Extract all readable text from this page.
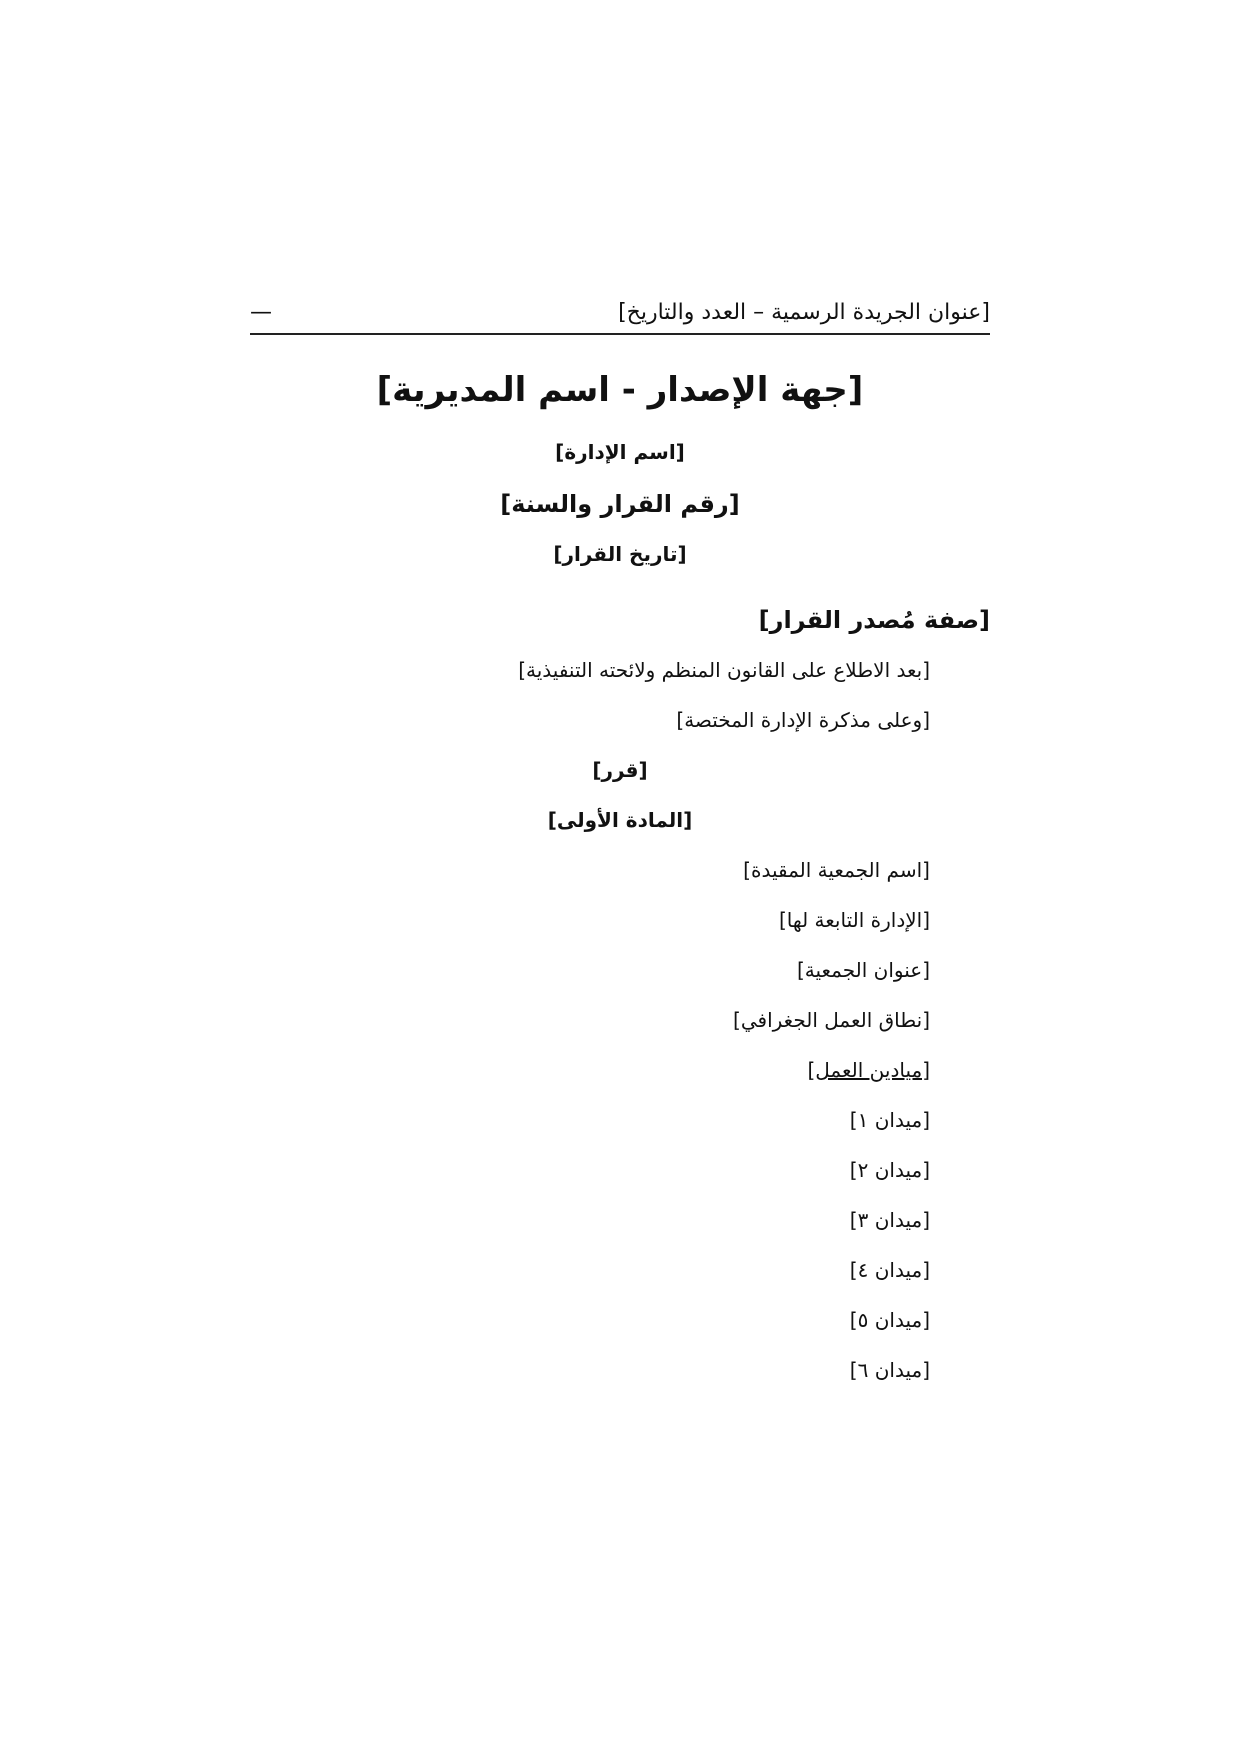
[عنوان الجريدة الرسمية – العدد والتاريخ]
—
[جهة الإصدار - اسم المديرية]
[اسم الإدارة]
[رقم القرار والسنة]
[تاريخ القرار]
[صفة مُصدر القرار]
[بعد الاطلاع على القانون المنظم ولائحته التنفيذية]
[وعلى مذكرة الإدارة المختصة]
[قرر]
[المادة الأولى]
[اسم الجمعية المقيدة]
[الإدارة التابعة لها]
[عنوان الجمعية]
[نطاق العمل الجغرافي]
[ميادين العمل]
[ميدان ١]
[ميدان ٢]
[ميدان ٣]
[ميدان ٤]
[ميدان ٥]
[ميدان ٦]
